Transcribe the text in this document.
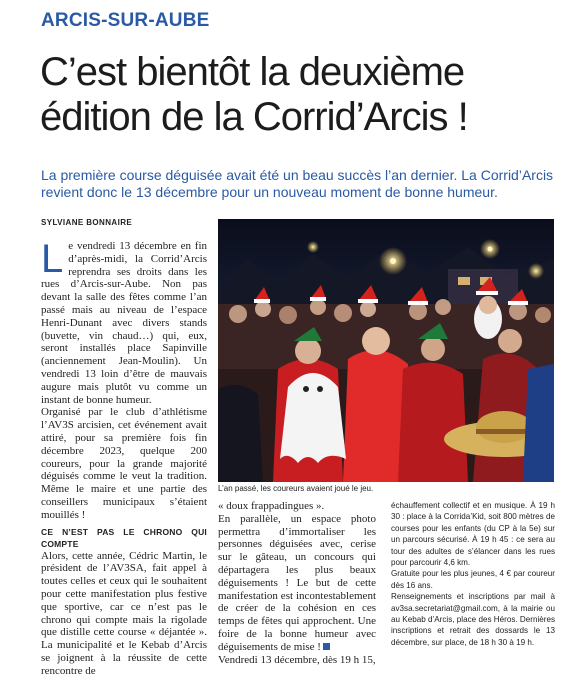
ARCIS-SUR-AUBE
C’est bientôt la deuxième édition de la Corrid’Arcis !
La première course déguisée avait été un beau succès l’an dernier. La Corrid’Arcis revient donc le 13 décembre pour un nouveau moment de bonne humeur.
SYLVIANE BONNAIRE
L e vendredi 13 décembre en fin d’après-midi, la Corrid’Arcis reprendra ses droits dans les rues d’Arcis-sur-Aube. Non pas devant la salle des fêtes comme l’an passé mais au niveau de l’espace Henri-Dunant avec divers stands (buvette, vin chaud…) qui, eux, seront installés place Sapinville (anciennement Jean-Moulin). Un vendredi 13 loin d’être de mauvais augure mais plutôt vu comme un instant de bonne humeur.

Organisé par le club d’athlétisme l’AV3S arcisien, cet événement avait attiré, pour sa première fois fin décembre 2023, quelque 200 coureurs, pour la grande majorité déguisés comme le veut la tradition. Même le maire et une partie des conseillers municipaux s’étaient mouillés !

CE N’EST PAS LE CHRONO QUI COMPTE

Alors, cette année, Cédric Martin, le président de l’AV3SA, fait appel à toutes celles et ceux qui le souhaitent pour cette manifestation plus festive que sportive, car ce n’est pas le chrono qui compte mais la rigolade que distille cette course « déjantée ». La municipalité et le Kebab d’Arcis se joignent à la réussite de cette rencontre de

L’an passé, les coureurs avaient joué le jeu.

« doux frappadingues ».

En parallèle, un espace photo permettra d’immortaliser les personnes déguisées avec, cerise sur le gâteau, un concours qui départagera les plus beaux déguisements ! Le but de cette manifestation est incontestablement de créer de la cohésion en ces temps de fêtes qui approchent. Une foire de la bonne humeur avec déguisements de mise !

Vendredi 13 décembre, dès 19 h 15,

échauffement collectif et en musique. À 19 h 30 : place à la Corrida’Kid, soit 800 mètres de courses pour les enfants (du CP à la 5e) sur un parcours sécurisé. À 19 h 45 : ce sera au tour des adultes de s’élancer dans les rues pour parcourir 4,6 km.

Gratuite pour les plus jeunes, 4 € par coureur dès 16 ans.

Renseignements et inscriptions par mail à av3sa.secretariat@gmail.com, à la mairie ou au Kebab d’Arcis, place des Héros. Dernières inscriptions et retrait des dossards le 13 décembre, sur place, de 18 h 30 à 19 h.
